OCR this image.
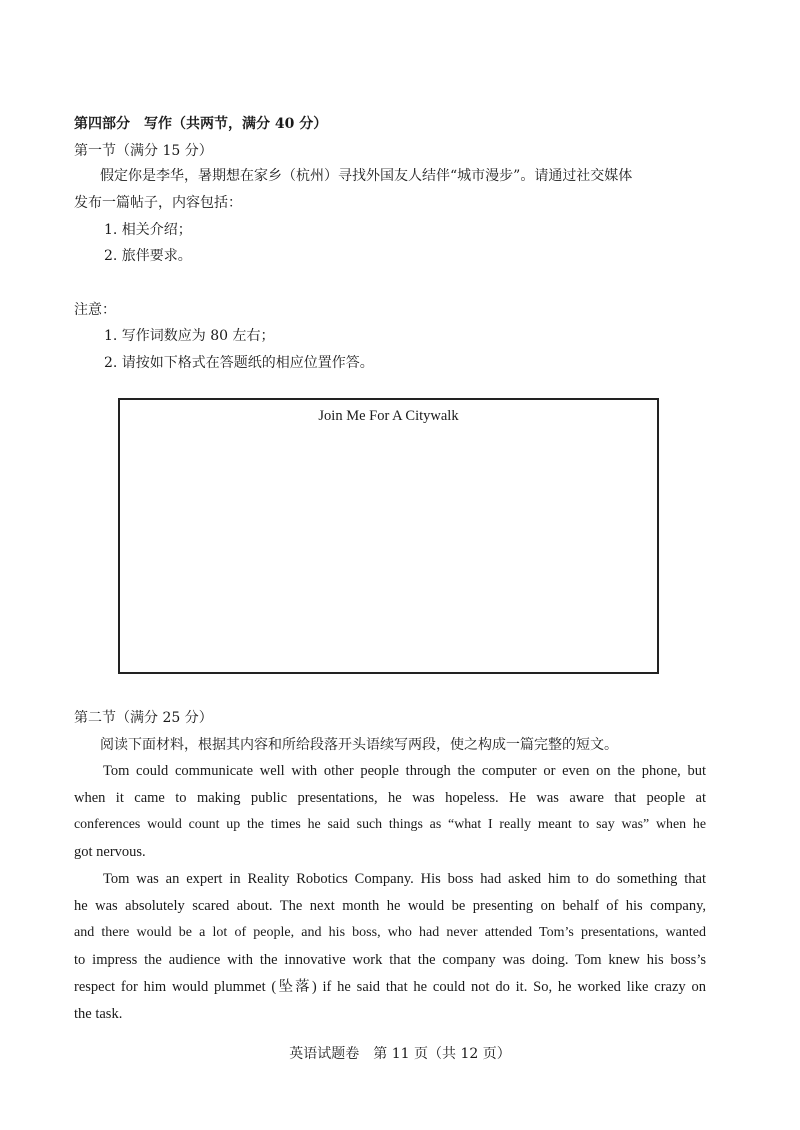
第四部分　写作（共两节，满分 40 分）
第一节（满分 15 分）
假定你是李华，暑期想在家乡（杭州）寻找外国友人结伴“城市漫步”。请通过社交媒体
发布一篇帖子，内容包括：
1. 相关介绍；
2. 旅伴要求。
注意：
1. 写作词数应为 80 左右；
2. 请按如下格式在答题纸的相应位置作答。
Join Me For A Citywalk
第二节（满分 25 分）
阅读下面材料，根据其内容和所给段落开头语续写两段，使之构成一篇完整的短文。
Tom could communicate well with other people through the computer or even on the phone, but
when it came to making public presentations, he was hopeless. He was aware that people at
conferences would count up the times he said such things as “what I really meant to say was” when he
got nervous.
Tom was an expert in Reality Robotics Company. His boss had asked him to do something that
he was absolutely scared about. The next month he would be presenting on behalf of his company,
and there would be a lot of people, and his boss, who had never attended Tom’s presentations, wanted
to impress the audience with the innovative work that the company was doing. Tom knew his boss’s
respect for him would plummet (坠落) if he said that he could not do it. So, he worked like crazy on
the task.
英语试题卷　第 11 页（共 12 页）
